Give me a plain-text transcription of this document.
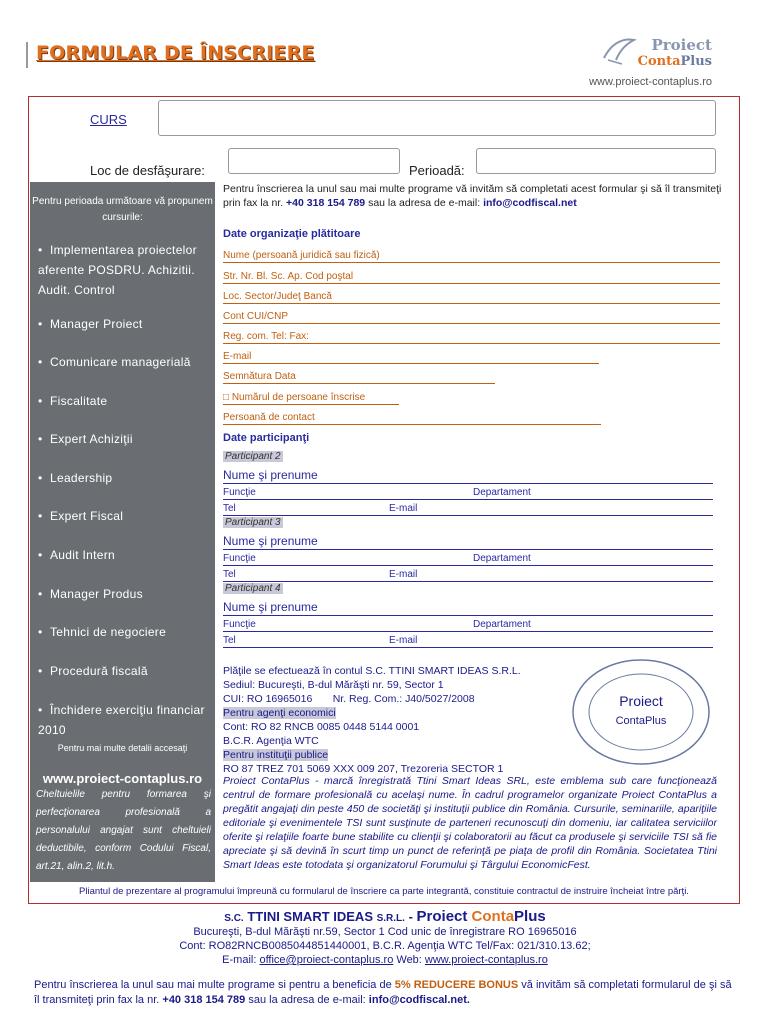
FORMULAR DE ÎNSCRIERE	Proiect
ContaPlus
www.proiect-contaplus.ro
CURS
Loc de desfăşurare:	Perioadă:
Pentru perioada următoare vă propunem cursurile:
• Implementarea proiectelor aferente POSDRU. Achizitii. Audit. Control
• Manager Proiect
• Comunicare managerială
• Fiscalitate
• Expert Achiziţii
• Leadership
• Expert Fiscal
• Audit Intern
• Manager Produs
• Tehnici de negociere
• Procedură fiscală
• Închidere exerciţiu financiar 2010
Pentru mai multe detalii accesaţi
www.proiect-contaplus.ro
Cheltuielile pentru formarea şi perfecţionarea profesională a personalului angajat sunt cheltuieli deductibile, conform Codului Fiscal, art.21, alin.2, lit.h.
Pentru înscrierea la unul sau mai multe programe vă invităm să completati acest formular şi să îl transmiteţi prin fax la nr. +40 318 154 789 sau la adresa de e-mail: info@codfiscal.net
Date organizaţie plătitoare
Nume (persoană juridică sau fizică)
Str. Nr. Bl. Sc. Ap. Cod poştal
Loc. Sector/Judeţ Bancă
Cont CUI/CNP
Reg. com. Tel: Fax:
E-mail
Semnătura Data
□ Numărul de persoane înscrise
Persoană de contact
Date participanţi
Participant 2
Nume şi prenume
Funcţie	Departament
Tel	E-mail
Participant 3
Nume şi prenume
Funcţie	Departament
Tel	E-mail
Participant 4
Nume şi prenume
Funcţie	Departament
Tel	E-mail
Plăţile se efectuează în contul S.C. TTINI SMART IDEAS S.R.L.
Sediul: Bucureşti, B-dul Mărăşti nr. 59, Sector 1
CUI: RO 16965016       Nr. Reg. Com.: J40/5027/2008
Pentru agenţi economici
Cont: RO 82 RNCB 0085 0448 5144 0001
B.C.R. Agenţia WTC
Pentru instituţii publice
RO 87 TREZ 701 5069 XXX 009 207, Trezoreria SECTOR 1
Proiect
ContaPlus
Proiect ContaPlus - marcă înregistrată Ttini Smart Ideas SRL, este emblema sub care funcţionează centrul de formare profesională cu acelaşi nume. În cadrul programelor organizate Proiect ContaPlus a pregătit angajaţi din peste 450 de societăţi şi instituţii publice din România. Cursurile, seminariile, apariţiile editoriale şi evenimentele TSI sunt susţinute de parteneri recunoscuţi din domeniu, iar calitatea serviciilor oferite şi relaţiile foarte bune stabilite cu clienţii şi colaboratorii au făcut ca produsele şi serviciile TSI să fie apreciate şi să devină în scurt timp un punct de referinţă pe piaţa de profil din România. Societatea Ttini Smart Ideas este totodata şi organizatorul Forumului şi Târgului EconomicFest.
Pliantul de prezentare al programului împreună cu formularul de înscriere ca parte integrantă, constituie contractul de instruire încheiat între părţi.
S.C. TTINI SMART IDEAS S.R.L. - Proiect ContaPlus
Bucureşti, B-dul Mărăşti nr.59, Sector 1 Cod unic de înregistrare RO 16965016
Cont: RO82RNCB0085044851440001, B.C.R. Agenţia WTC Tel/Fax: 021/310.13.62;
E-mail: office@proiect-contaplus.ro Web: www.proiect-contaplus.ro
Pentru înscrierea la unul sau mai multe programe si pentru a beneficia de 5% REDUCERE BONUS vă invităm să completati formularul de şi să îl transmiteţi prin fax la nr. +40 318 154 789 sau la adresa de e-mail: info@codfiscal.net.
